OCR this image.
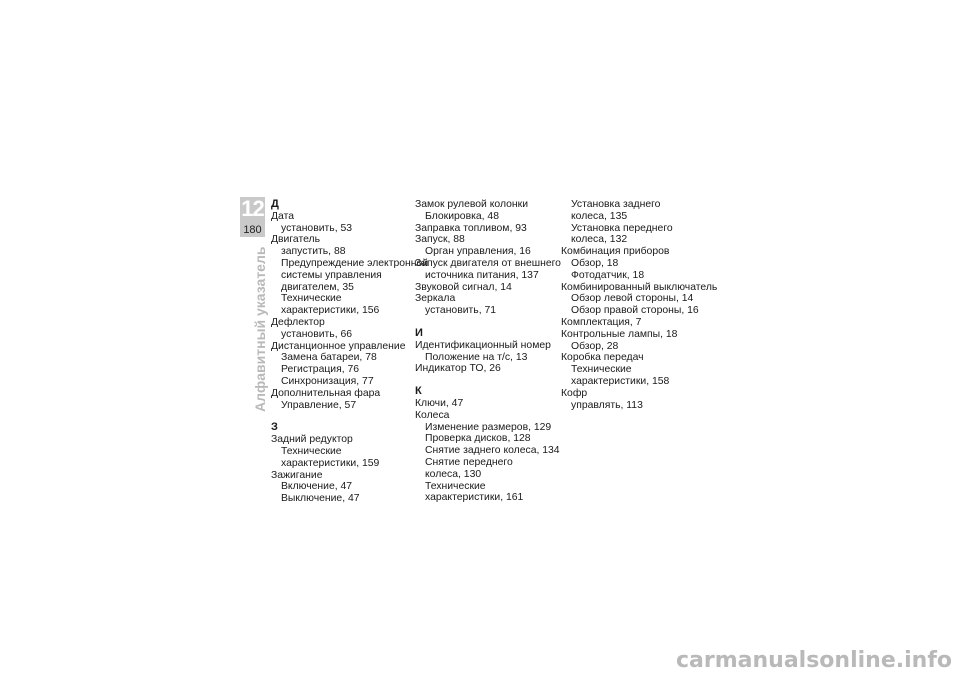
12
180
Алфавитный указатель
Д
Дата
установить, 53
Двигатель
запустить, 88
Предупреждение электронной
системы управления
двигателем, 35
Технические
характеристики, 156
Дефлектор
установить, 66
Дистанционное управление
Замена батареи, 78
Регистрация, 76
Синхронизация, 77
Дополнительная фара
Управление, 57
З
Задний редуктор
Технические
характеристики, 159
Зажигание
Включение, 47
Выключение, 47
Замок рулевой колонки
Блокировка, 48
Заправка топливом, 93
Запуск, 88
Орган управления, 16
Запуск двигателя от внешнего
источника питания, 137
Звуковой сигнал, 14
Зеркала
установить, 71
И
Идентификационный номер
Положение на т/с, 13
Индикатор ТО, 26
К
Ключи, 47
Колеса
Изменение размеров, 129
Проверка дисков, 128
Снятие заднего колеса, 134
Снятие переднего
колеса, 130
Технические
характеристики, 161
Установка заднего
колеса, 135
Установка переднего
колеса, 132
Комбинация приборов
Обзор, 18
Фотодатчик, 18
Комбинированный выключатель
Обзор левой стороны, 14
Обзор правой стороны, 16
Комплектация, 7
Контрольные лампы, 18
Обзор, 28
Коробка передач
Технические
характеристики, 158
Кофр
управлять, 113
carmanualsonline.info
